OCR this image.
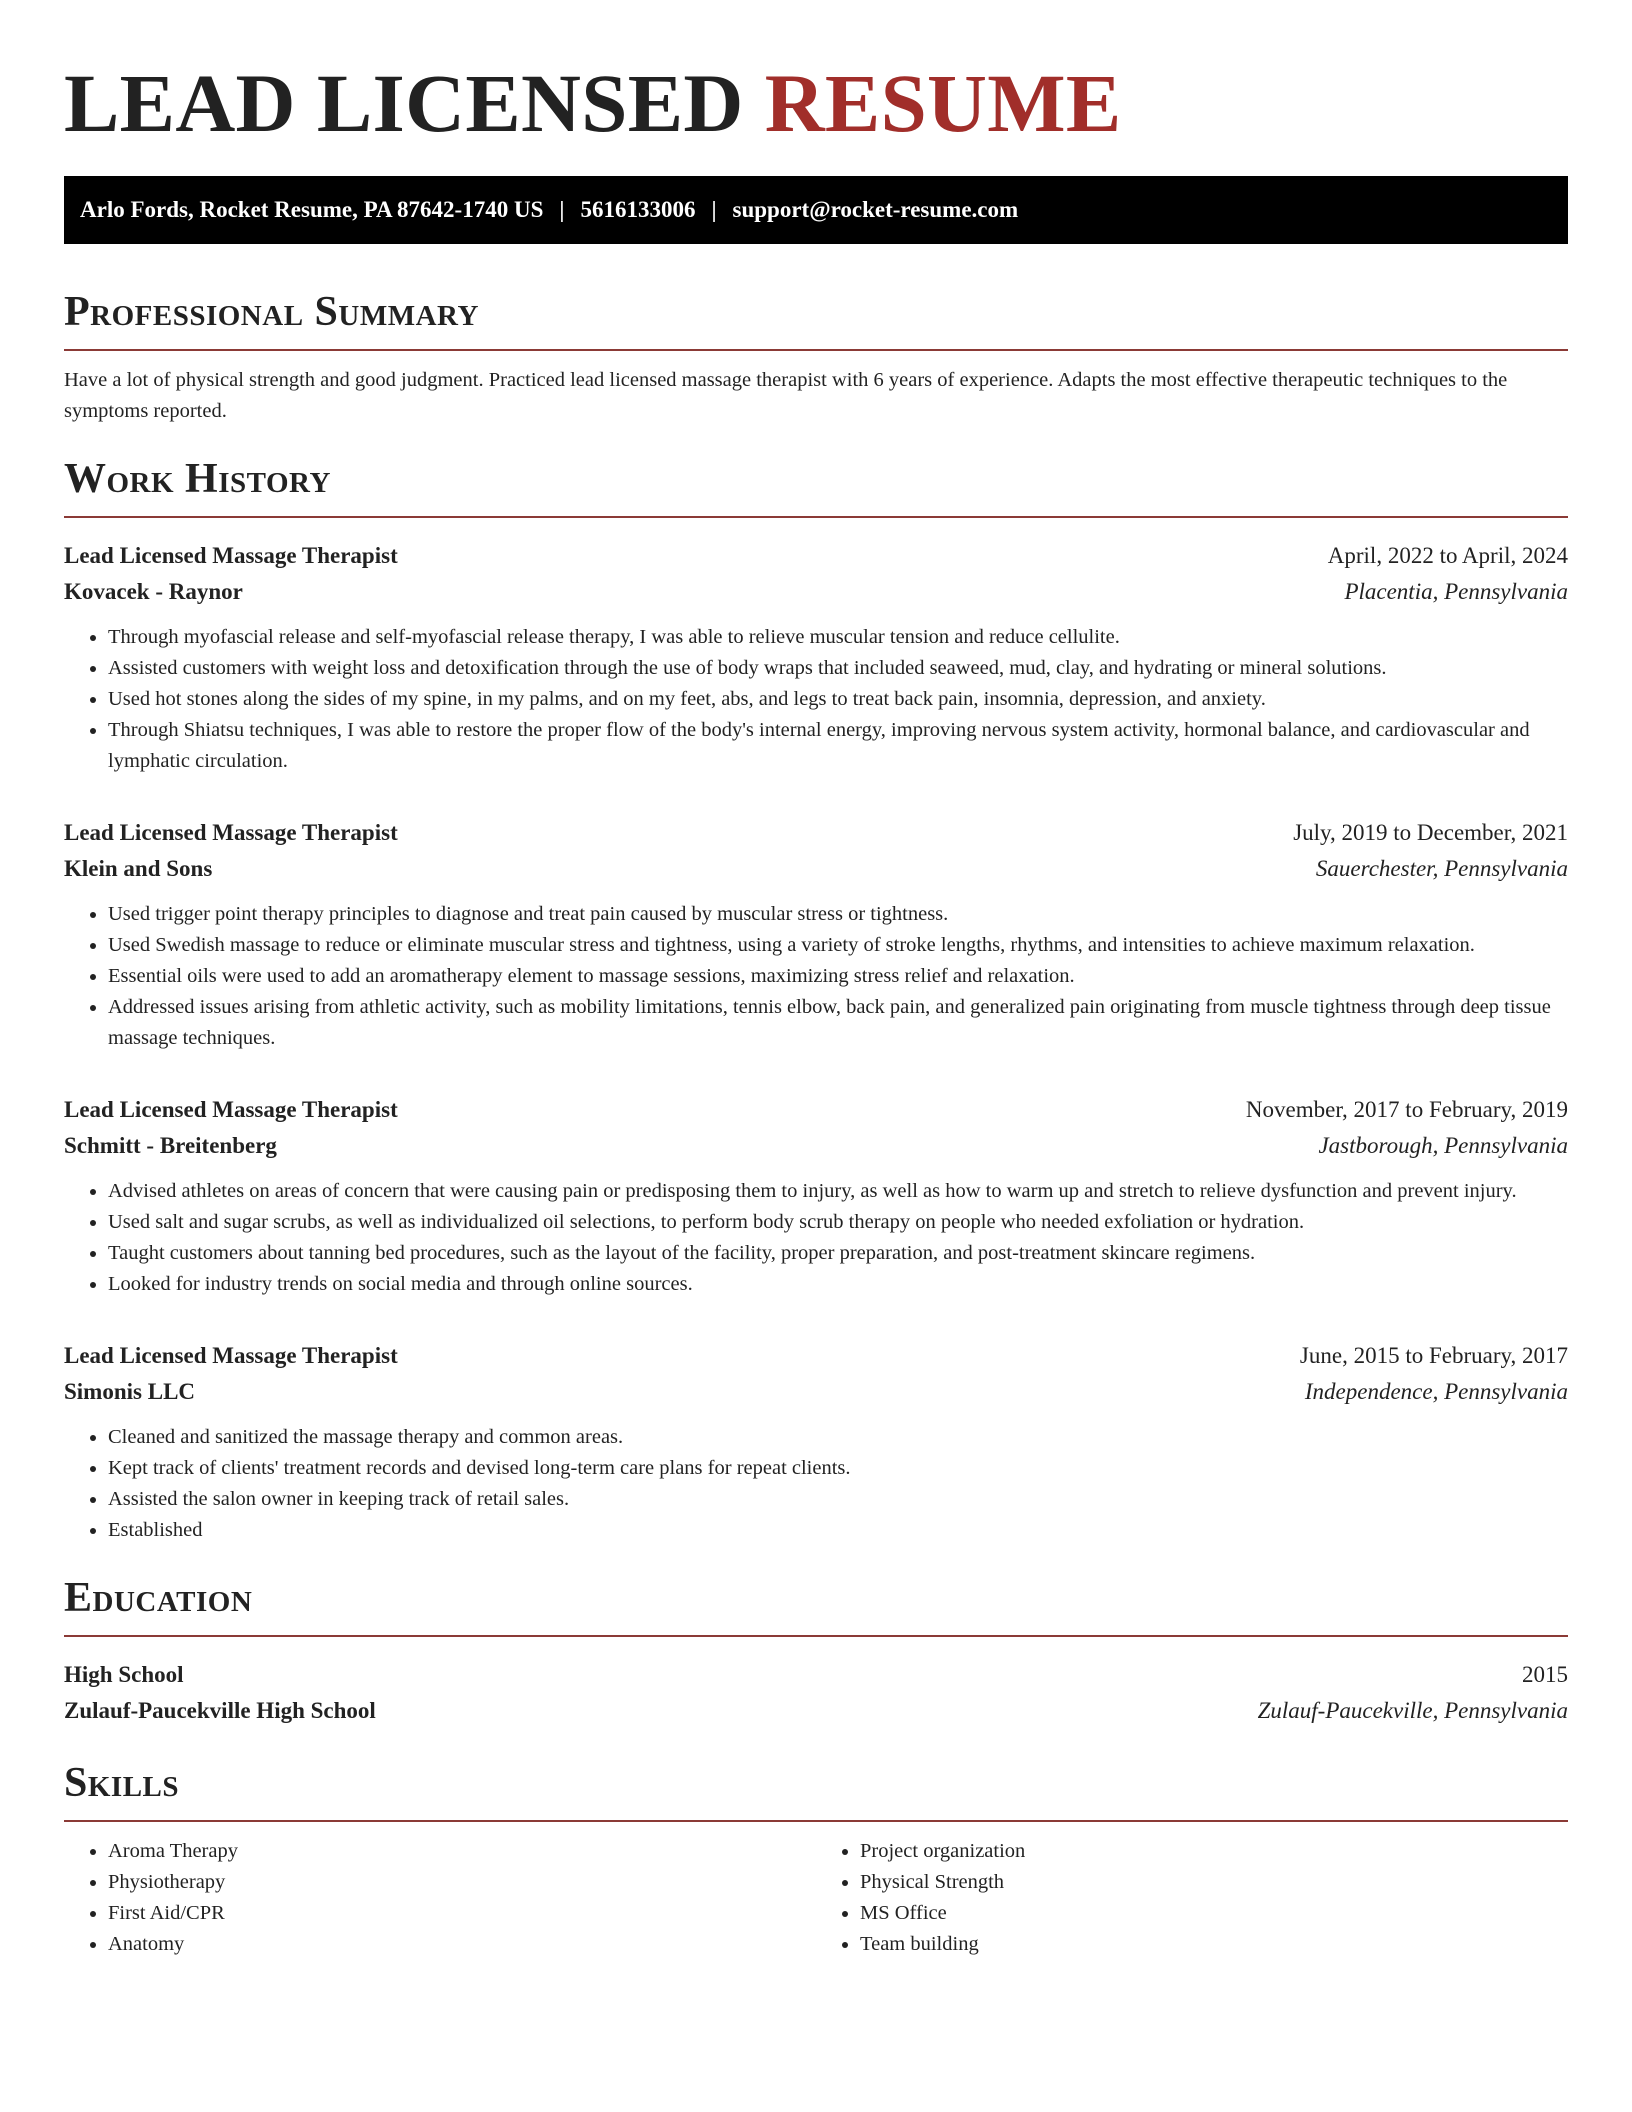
LEAD LICENSED RESUME
Arlo Fords, Rocket Resume, PA 87642-1740 US | 5616133006 | support@rocket-resume.com
Professional Summary

Have a lot of physical strength and good judgment. Practiced lead licensed massage therapist with 6 years of experience. Adapts the most effective therapeutic techniques to the symptoms reported.

Work History
Lead Licensed Massage Therapist	April, 2022 to April, 2024
Kovacek - Raynor	Placentia, Pennsylvania
• Through myofascial release and self-myofascial release therapy, I was able to relieve muscular tension and reduce cellulite.
• Assisted customers with weight loss and detoxification through the use of body wraps that included seaweed, mud, clay, and hydrating or mineral solutions.
• Used hot stones along the sides of my spine, in my palms, and on my feet, abs, and legs to treat back pain, insomnia, depression, and anxiety.
• Through Shiatsu techniques, I was able to restore the proper flow of the body's internal energy, improving nervous system activity, hormonal balance, and cardiovascular and lymphatic circulation.
Lead Licensed Massage Therapist	July, 2019 to December, 2021
Klein and Sons	Sauerchester, Pennsylvania
• Used trigger point therapy principles to diagnose and treat pain caused by muscular stress or tightness.
• Used Swedish massage to reduce or eliminate muscular stress and tightness, using a variety of stroke lengths, rhythms, and intensities to achieve maximum relaxation.
• Essential oils were used to add an aromatherapy element to massage sessions, maximizing stress relief and relaxation.
• Addressed issues arising from athletic activity, such as mobility limitations, tennis elbow, back pain, and generalized pain originating from muscle tightness through deep tissue massage techniques.
Lead Licensed Massage Therapist	November, 2017 to February, 2019
Schmitt - Breitenberg	Jastborough, Pennsylvania
• Advised athletes on areas of concern that were causing pain or predisposing them to injury, as well as how to warm up and stretch to relieve dysfunction and prevent injury.
• Used salt and sugar scrubs, as well as individualized oil selections, to perform body scrub therapy on people who needed exfoliation or hydration.
• Taught customers about tanning bed procedures, such as the layout of the facility, proper preparation, and post-treatment skincare regimens.
• Looked for industry trends on social media and through online sources.
Lead Licensed Massage Therapist	June, 2015 to February, 2017
Simonis LLC	Independence, Pennsylvania
• Cleaned and sanitized the massage therapy and common areas.
• Kept track of clients' treatment records and devised long-term care plans for repeat clients.
• Assisted the salon owner in keeping track of retail sales.
• Established
Education
High School	2015
Zulauf-Paucekville High School	Zulauf-Paucekville, Pennsylvania
Skills
• Aroma Therapy
• Physiotherapy
• First Aid/CPR
• Anatomy
• Project organization
• Physical Strength
• MS Office
• Team building
